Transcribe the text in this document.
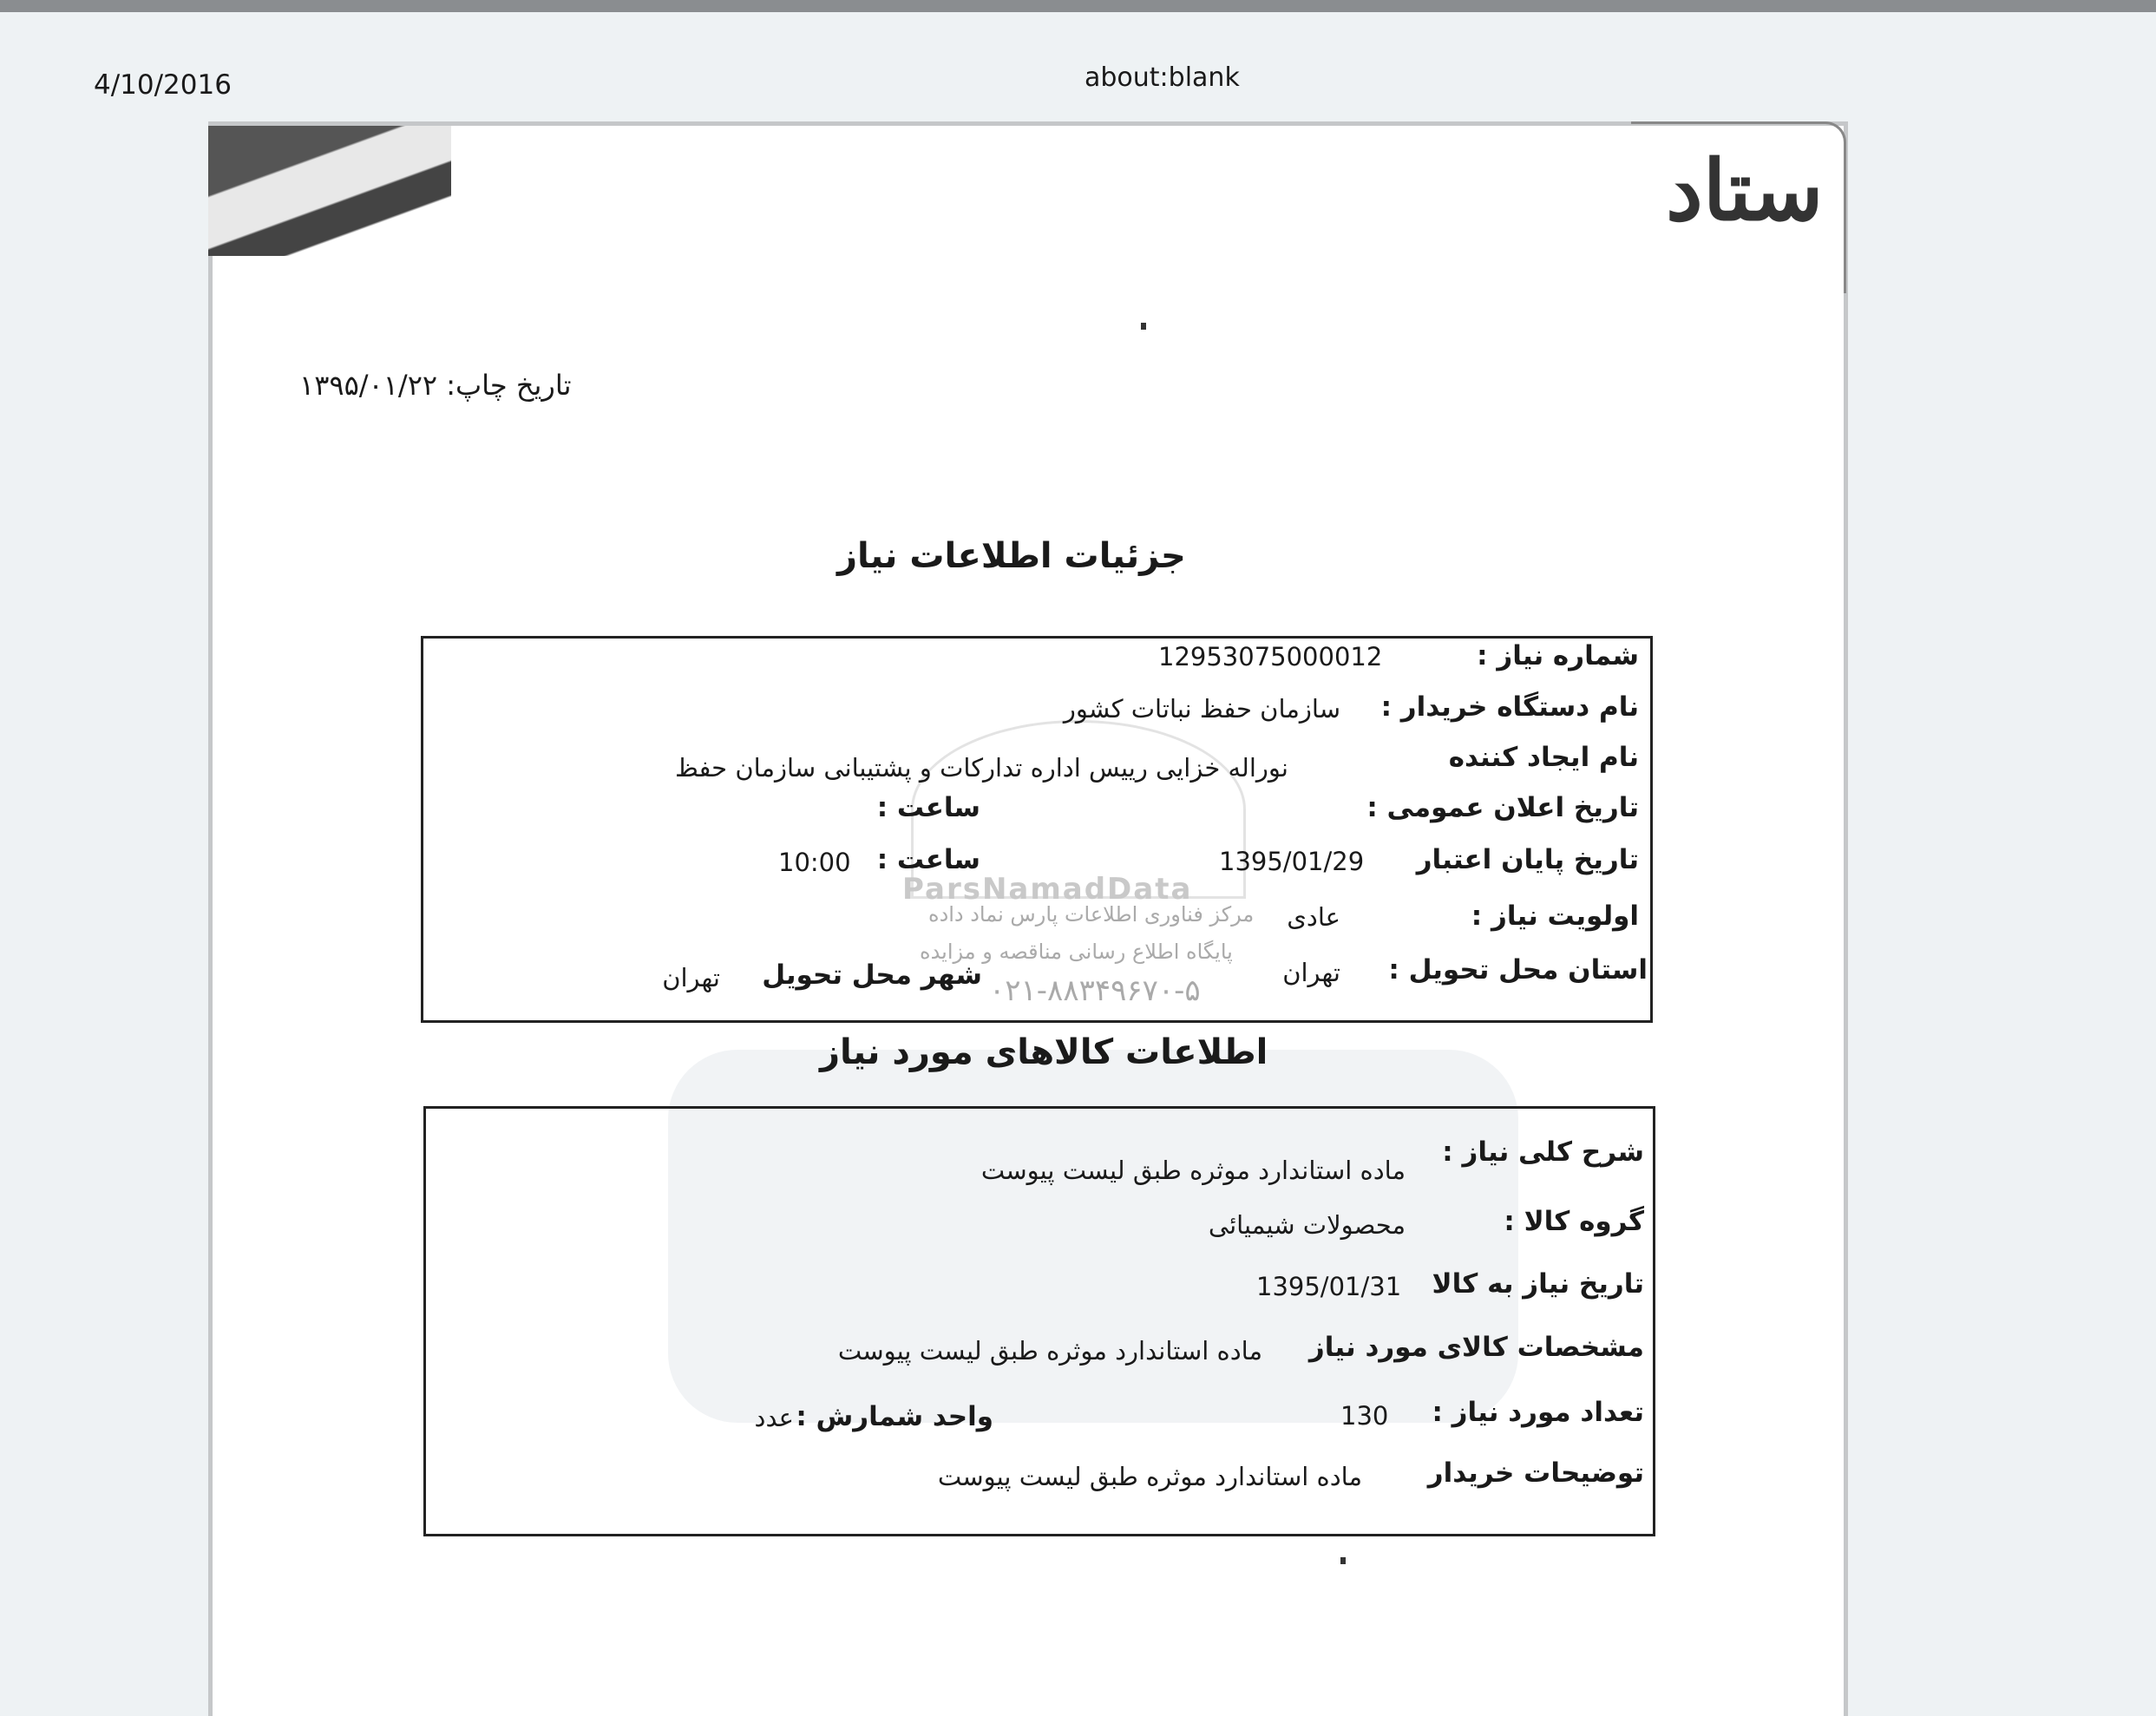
4/10/2016	about:blank
ستاد
تاریخ چاپ: ۱۳۹۵/۰۱/۲۲
جزئیات اطلاعات نیاز
ParsNamadData
مرکز فناوری اطلاعات پارس نماد داده
پایگاه اطلاع رسانی مناقصه و مزایده
۰۲۱-۸۸۳۴۹۶۷۰-۵
شماره نیاز :
12953075000012
نام دستگاه خریدار :
سازمان حفظ نباتات کشور
نام ایجاد کننده
نوراله خزایی رییس اداره تدارکات و پشتیبانی سازمان حفظ
تاریخ اعلان عمومی :
ساعت :
تاریخ پایان اعتبار
1395/01/29
ساعت :
10:00
اولویت نیاز :
عادی
استان محل تحویل :
تهران
شهر محل تحویل
تهران
اطلاعات کالاهای مورد نیاز
شرح کلی نیاز :
ماده استاندارد موثره طبق لیست پیوست
گروه کالا :
محصولات شیمیائی
تاریخ نیاز به کالا
1395/01/31
مشخصات کالای مورد نیاز
ماده استاندارد موثره طبق لیست پیوست
تعداد مورد نیاز :
130
واحد شمارش :
عدد
توضیحات خریدار
ماده استاندارد موثره طبق لیست پیوست
